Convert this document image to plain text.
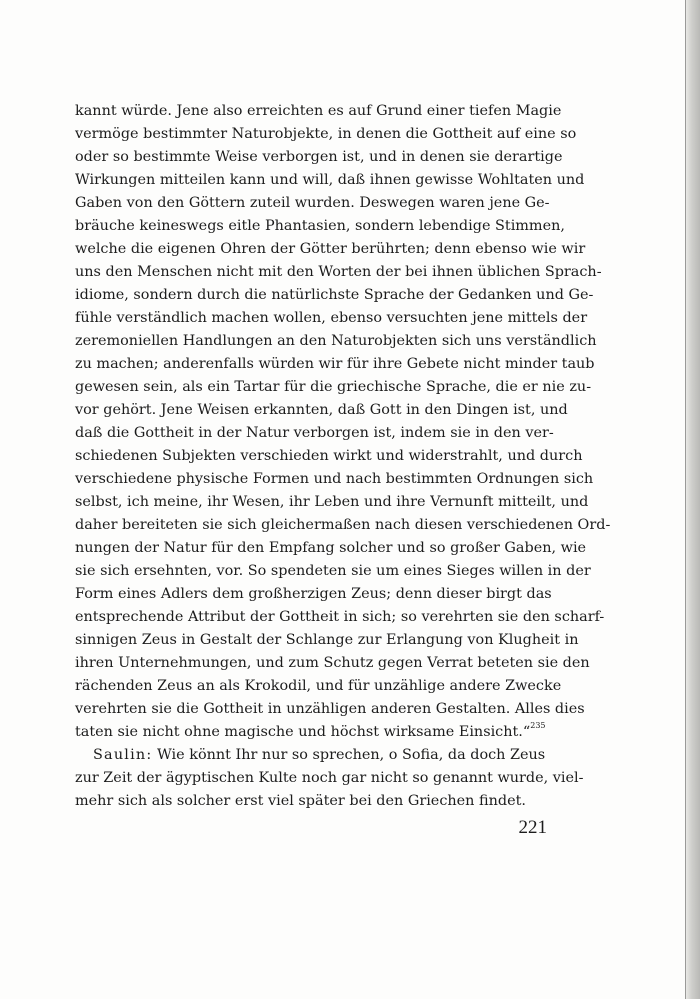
kannt würde. Jene also erreichten es auf Grund einer tiefen Magie
vermöge bestimmter Naturobjekte, in denen die Gottheit auf eine so
oder so bestimmte Weise verborgen ist, und in denen sie derartige
Wirkungen mitteilen kann und will, daß ihnen gewisse Wohltaten und
Gaben von den Göttern zuteil wurden. Deswegen waren jene Ge-
bräuche keineswegs eitle Phantasien, sondern lebendige Stimmen,
welche die eigenen Ohren der Götter berührten; denn ebenso wie wir
uns den Menschen nicht mit den Worten der bei ihnen üblichen Sprach-
idiome, sondern durch die natürlichste Sprache der Gedanken und Ge-
fühle verständlich machen wollen, ebenso versuchten jene mittels der
zeremoniellen Handlungen an den Naturobjekten sich uns verständlich
zu machen; anderenfalls würden wir für ihre Gebete nicht minder taub
gewesen sein, als ein Tartar für die griechische Sprache, die er nie zu-
vor gehört. Jene Weisen erkannten, daß Gott in den Dingen ist, und
daß die Gottheit in der Natur verborgen ist, indem sie in den ver-
schiedenen Subjekten verschieden wirkt und widerstrahlt, und durch
verschiedene physische Formen und nach bestimmten Ordnungen sich
selbst, ich meine, ihr Wesen, ihr Leben und ihre Vernunft mitteilt, und
daher bereiteten sie sich gleichermaßen nach diesen verschiedenen Ord-
nungen der Natur für den Empfang solcher und so großer Gaben, wie
sie sich ersehnten, vor. So spendeten sie um eines Sieges willen in der
Form eines Adlers dem großherzigen Zeus; denn dieser birgt das
entsprechende Attribut der Gottheit in sich; so verehrten sie den scharf-
sinnigen Zeus in Gestalt der Schlange zur Erlangung von Klugheit in
ihren Unternehmungen, und zum Schutz gegen Verrat beteten sie den
rächenden Zeus an als Krokodil, und für unzählige andere Zwecke
verehrten sie die Gottheit in unzähligen anderen Gestalten. Alles dies
taten sie nicht ohne magische und höchst wirksame Einsicht.“$^{235}$
Saulin: Wie könnt Ihr nur so sprechen, o Sofia, da doch Zeus
zur Zeit der ägyptischen Kulte noch gar nicht so genannt wurde, viel-
mehr sich als solcher erst viel später bei den Griechen findet.
221
